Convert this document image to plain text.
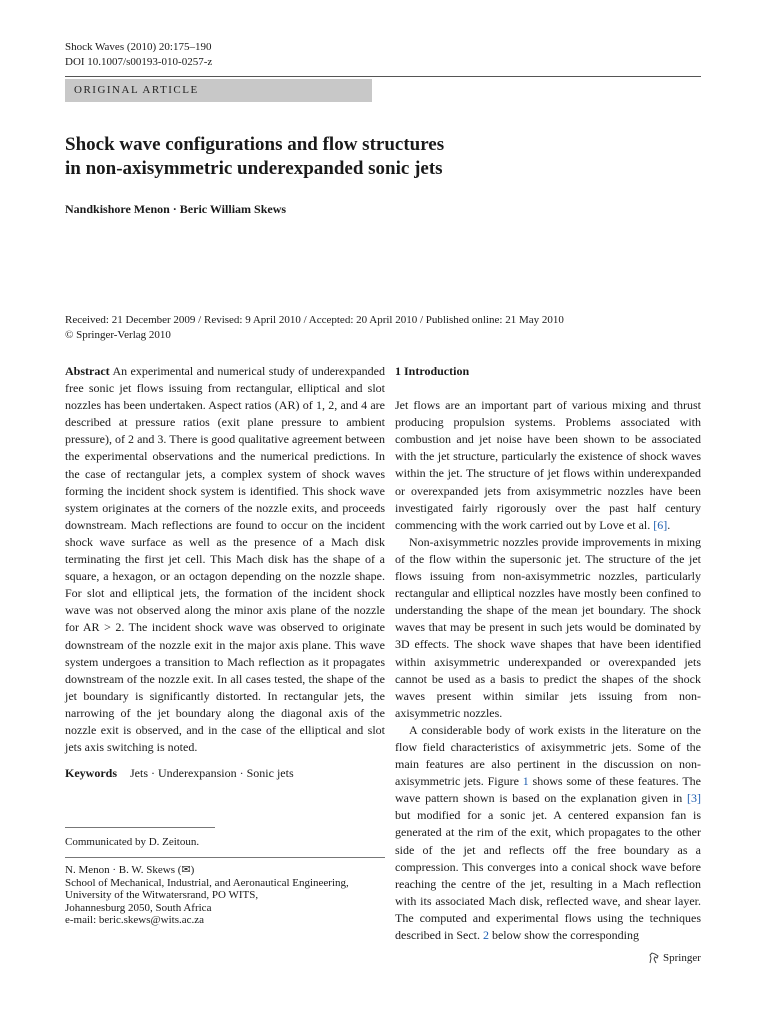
Shock Waves (2010) 20:175–190
DOI 10.1007/s00193-010-0257-z
ORIGINAL ARTICLE
Shock wave configurations and flow structures
in non-axisymmetric underexpanded sonic jets
Nandkishore Menon · Beric William Skews
Received: 21 December 2009 / Revised: 9 April 2010 / Accepted: 20 April 2010 / Published online: 21 May 2010
© Springer-Verlag 2010

Abstract An experimental and numerical study of underexpanded free sonic jet flows issuing from rectangular, elliptical and slot nozzles has been undertaken. Aspect ratios (AR) of 1, 2, and 4 are described at pressure ratios (exit plane pressure to ambient pressure), of 2 and 3. There is good qualitative agreement between the experimental observations and the numerical predictions. In the case of rectangular jets, a complex system of shock waves forming the incident shock system is identified. This shock wave system originates at the corners of the nozzle exits, and proceeds downstream. Mach reflections are found to occur on the incident shock wave surface as well as the presence of a Mach disk terminating the first jet cell. This Mach disk has the shape of a square, a hexagon, or an octagon depending on the nozzle shape. For slot and elliptical jets, the formation of the incident shock wave was not observed along the minor axis plane of the nozzle for AR > 2. The incident shock wave was observed to originate downstream of the nozzle exit in the major axis plane. This wave system undergoes a transition to Mach reflection as it propagates downstream of the nozzle exit. In all cases tested, the shape of the jet boundary is significantly distorted. In rectangular jets, the narrowing of the jet boundary along the diagonal axis of the nozzle exit is observed, and in the case of the elliptical and slot jets axis switching is noted.

Keywords Jets · Underexpansion · Sonic jets
Communicated by D. Zeitoun.
N. Menon · B. W. Skews (✉)
School of Mechanical, Industrial, and Aeronautical Engineering,
University of the Witwatersrand, PO WITS,
Johannesburg 2050, South Africa
e-mail: beric.skews@wits.ac.za
1 Introduction

Jet flows are an important part of various mixing and thrust producing propulsion systems. Problems associated with combustion and jet noise have been shown to be associated with the jet structure, particularly the existence of shock waves within the jet. The structure of jet flows within underexpanded or overexpanded jets from axisymmetric nozzles have been investigated fairly rigorously over the past half century commencing with the work carried out by Love et al. [6].

Non-axisymmetric nozzles provide improvements in mixing of the flow within the supersonic jet. The structure of the jet flows issuing from non-axisymmetric nozzles, particularly rectangular and elliptical nozzles have mostly been confined to understanding the shape of the mean jet boundary. The shock waves that may be present in such jets would be dominated by 3D effects. The shock wave shapes that have been identified within axisymmetric underexpanded or overexpanded jets cannot be used as a basis to predict the shapes of the shock waves present within similar jets issuing from non-axisymmetric nozzles.

A considerable body of work exists in the literature on the flow field characteristics of axisymmetric jets. Some of the main features are also pertinent in the discussion on non-axisymmetric jets. Figure 1 shows some of these features. The wave pattern shown is based on the explanation given in [3] but modified for a sonic jet. A centered expansion fan is generated at the rim of the exit, which propagates to the other side of the jet and reflects off the free boundary as a compression. This converges into a conical shock wave before reaching the centre of the jet, resulting in a Mach reflection with its associated Mach disk, reflected wave, and shear layer. The computed and experimental flows using the techniques described in Sect. 2 below show the corresponding

Springer
